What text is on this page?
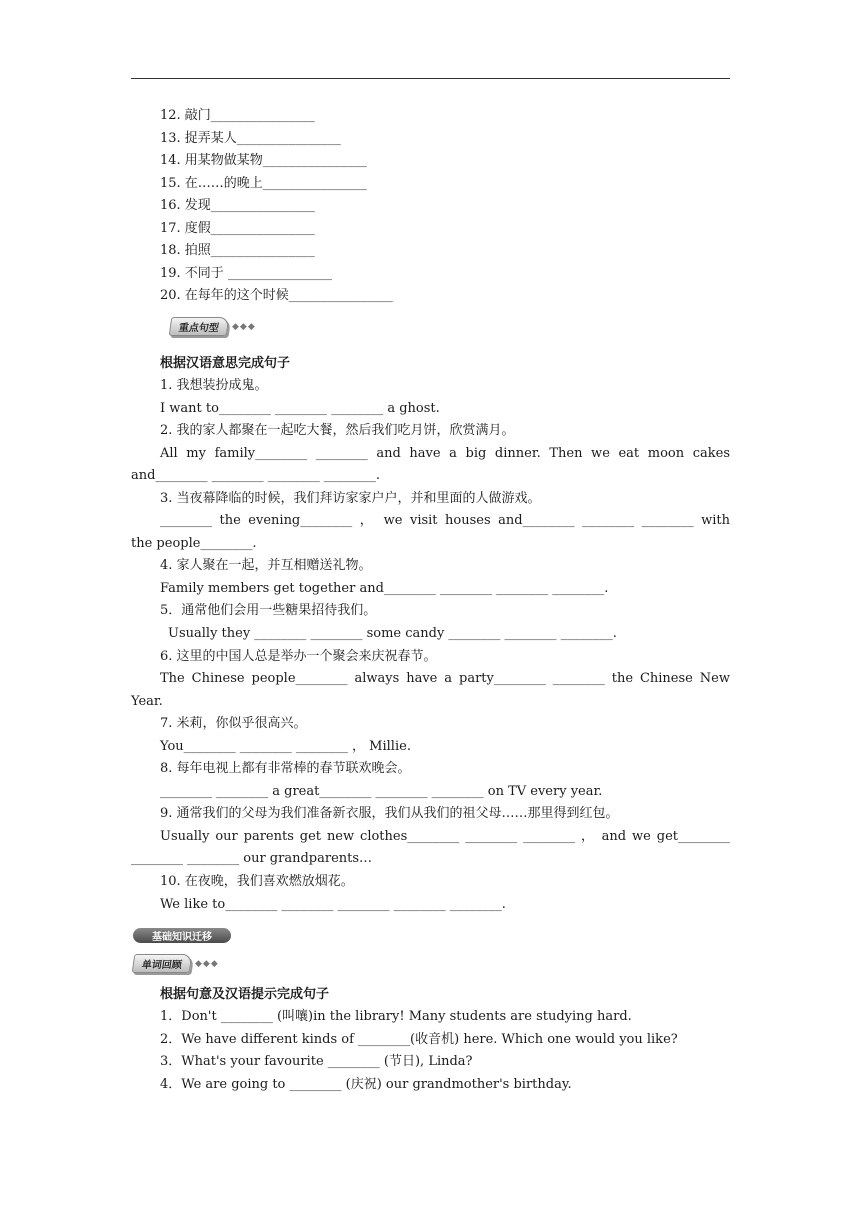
12. 敲门________________
13. 捉弄某人________________
14. 用某物做某物________________
15. 在……的晚上________________
16. 发现________________
17. 度假________________
18. 拍照________________
19. 不同于 ________________
20. 在每年的这个时候________________
重点句型	◆◆◆
根据汉语意思完成句子
1. 我想装扮成鬼。
I want to________ ________ ________ a ghost.
2. 我的家人都聚在一起吃大餐，然后我们吃月饼，欣赏满月。
All my family________ ________ and have a big dinner. Then we eat moon cakes
and________ ________ ________ ________.
3. 当夜幕降临的时候，我们拜访家家户户，并和里面的人做游戏。
________ the evening________ ， we visit houses and________ ________ ________ with
the people________.
4. 家人聚在一起，并互相赠送礼物。
Family members get together and________ ________ ________ ________.
5．通常他们会用一些糖果招待我们。
Usually they ________ ________ some candy ________ ________ ________.
6. 这里的中国人总是举办一个聚会来庆祝春节。
The Chinese people________ always have a party________ ________ the Chinese New
Year.
7. 米莉，你似乎很高兴。
You________ ________ ________ ， Millie.
8. 每年电视上都有非常棒的春节联欢晚会。
________ ________ a great________ ________ ________ on TV every year.
9. 通常我们的父母为我们准备新衣服，我们从我们的祖父母……那里得到红包。
Usually our parents get new clothes________ ________ ________ ， and we get________
________ ________ our grandparents…
10. 在夜晚，我们喜欢燃放烟花。
We like to________ ________ ________ ________ ________.
基础知识迁移
单词回顾	◆◆◆
根据句意及汉语提示完成句子
1．Don't ________ (叫嚷)in the library! Many students are studying hard.
2．We have different kinds of ________(收音机) here. Which one would you like?
3．What's your favourite ________ (节日), Linda?
4．We are going to ________ (庆祝) our grandmother's birthday.
